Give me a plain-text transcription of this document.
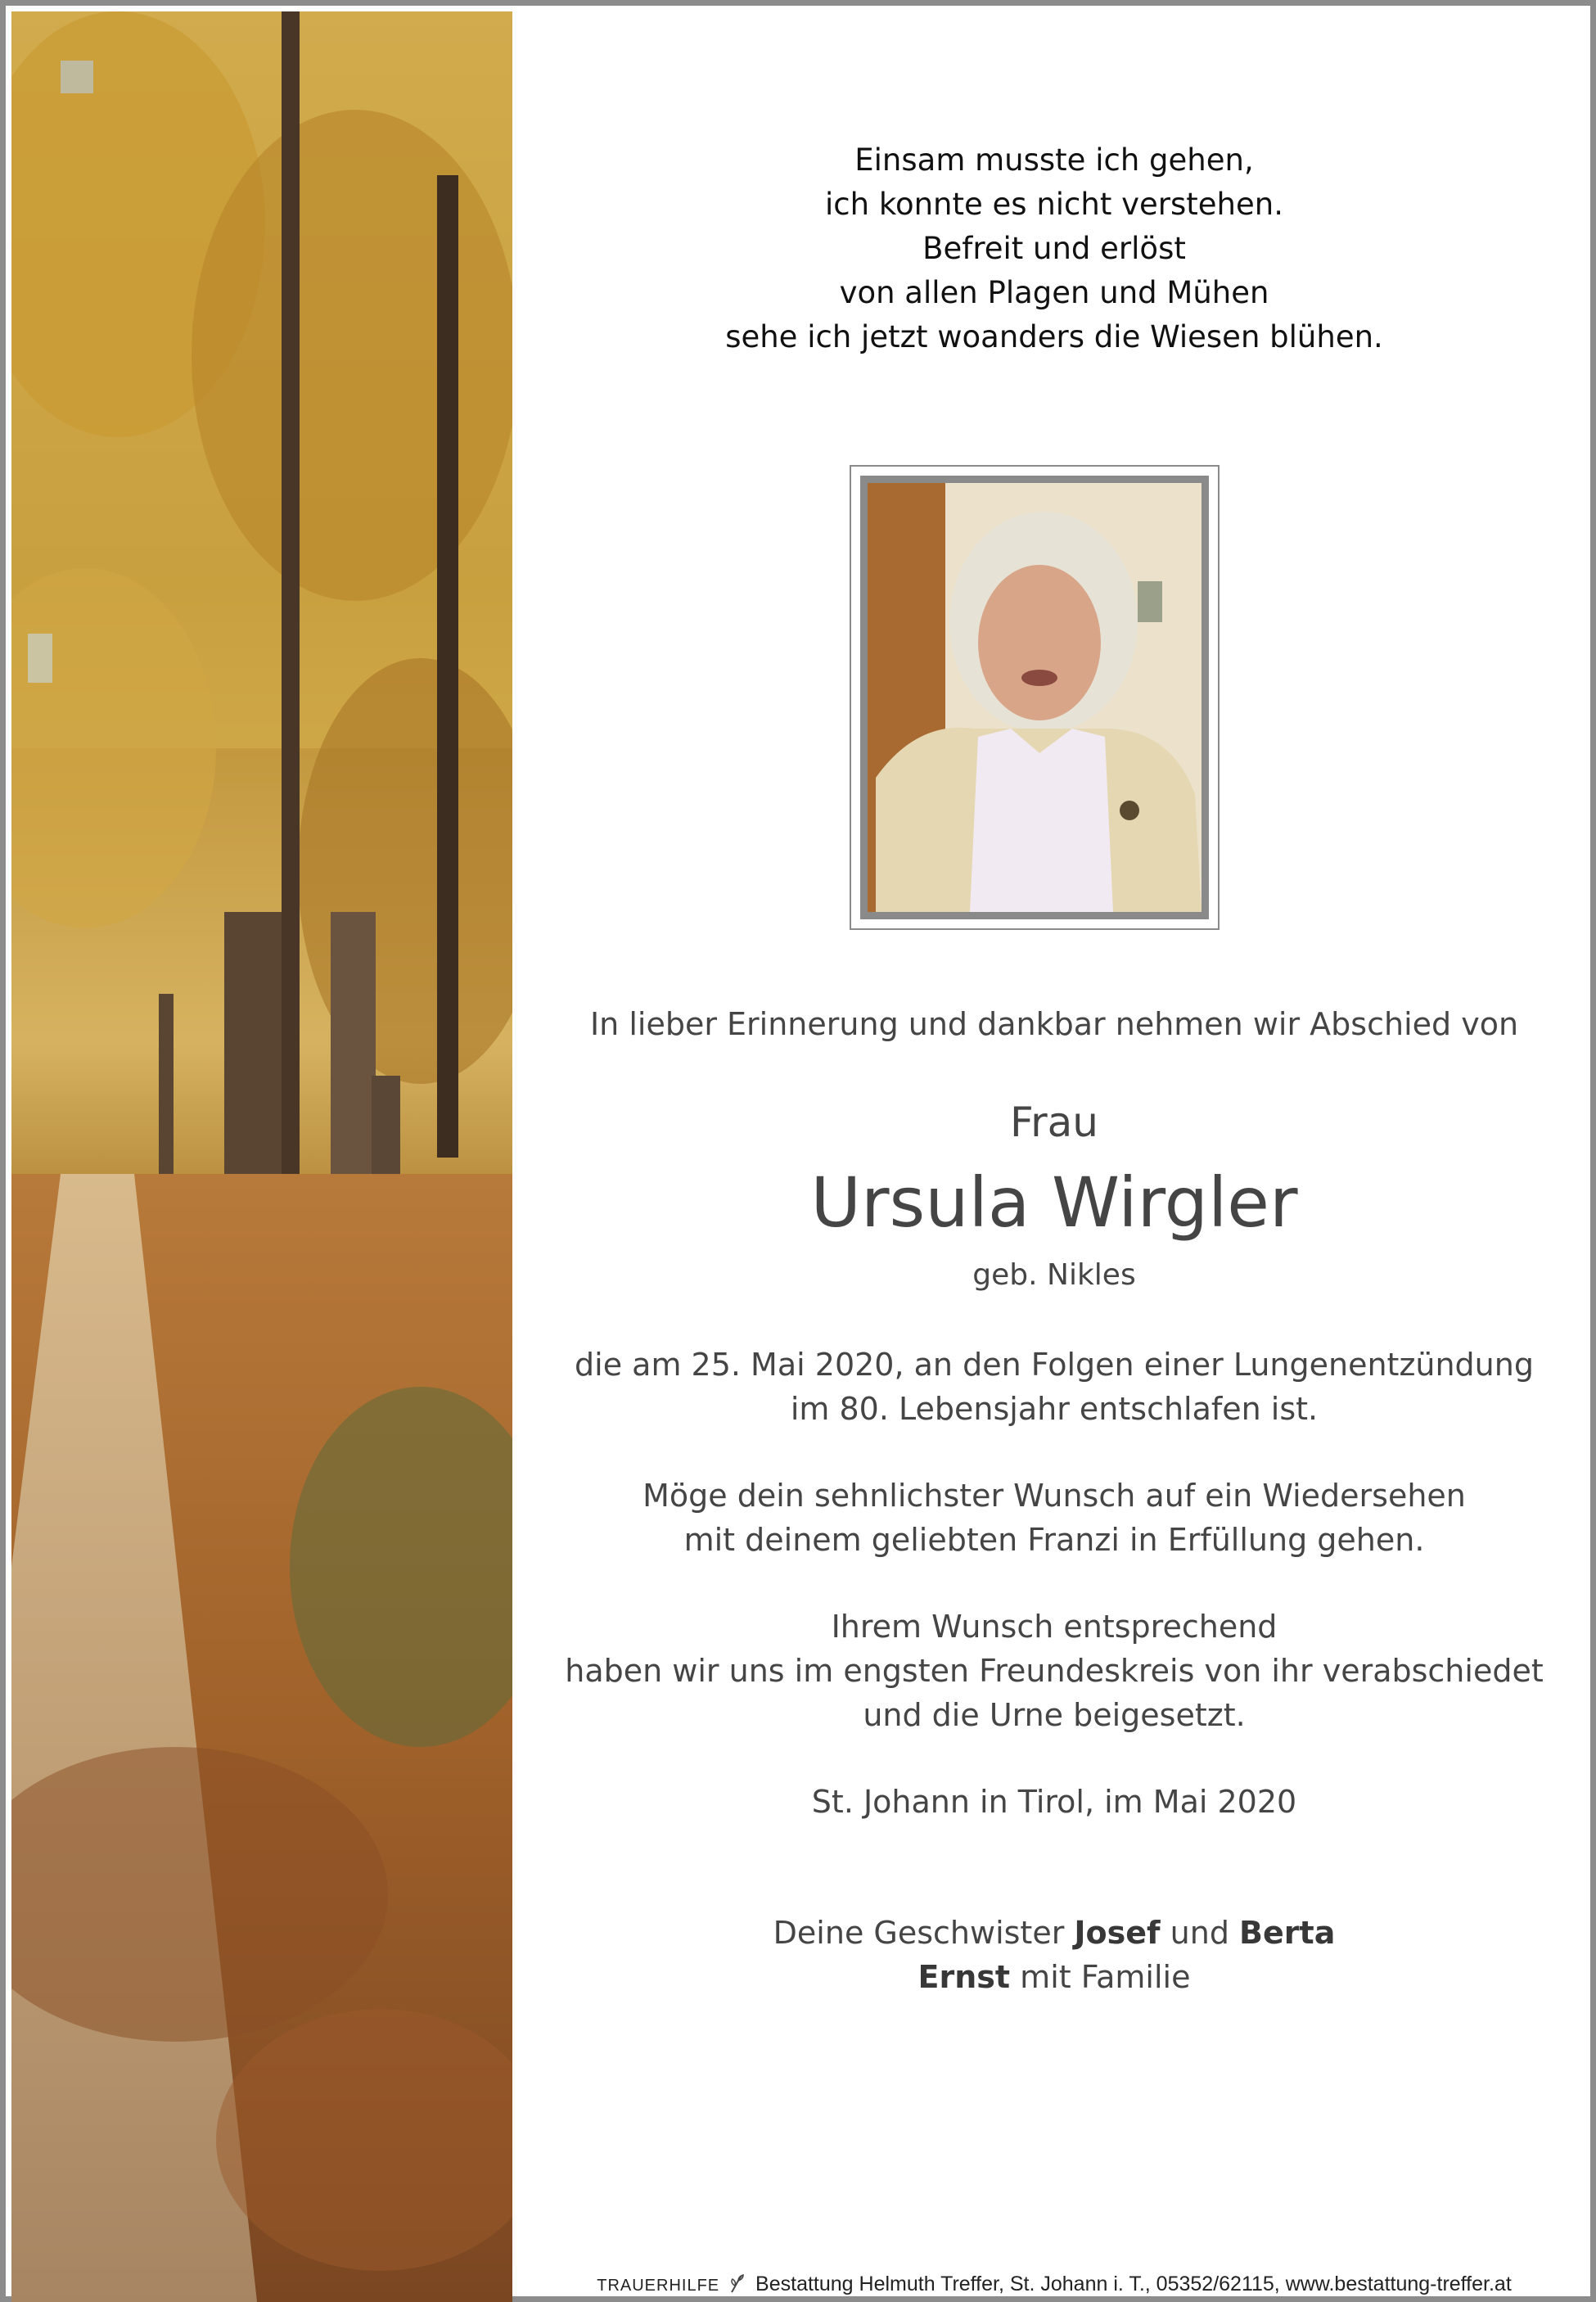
Einsam musste ich gehen,
ich konnte es nicht verstehen.
Befreit und erlöst
von allen Plagen und Mühen
sehe ich jetzt woanders die Wiesen blühen.
In lieber Erinnerung und dankbar nehmen wir Abschied von
Frau
Ursula Wirgler
geb. Nikles
die am 25. Mai 2020, an den Folgen einer Lungenentzündung
im 80. Lebensjahr entschlafen ist.
Möge dein sehnlichster Wunsch auf ein Wiedersehen
mit deinem geliebten Franzi in Erfüllung gehen.
Ihrem Wunsch entsprechend
haben wir uns im engsten Freundeskreis von ihr verabschiedet
und die Urne beigesetzt.
St. Johann in Tirol, im Mai 2020
Deine Geschwister Josef und Berta
Ernst mit Familie
TRAUERHILFE Bestattung Helmuth Treffer, St. Johann i. T., 05352/62115, www.bestattung-treffer.at
